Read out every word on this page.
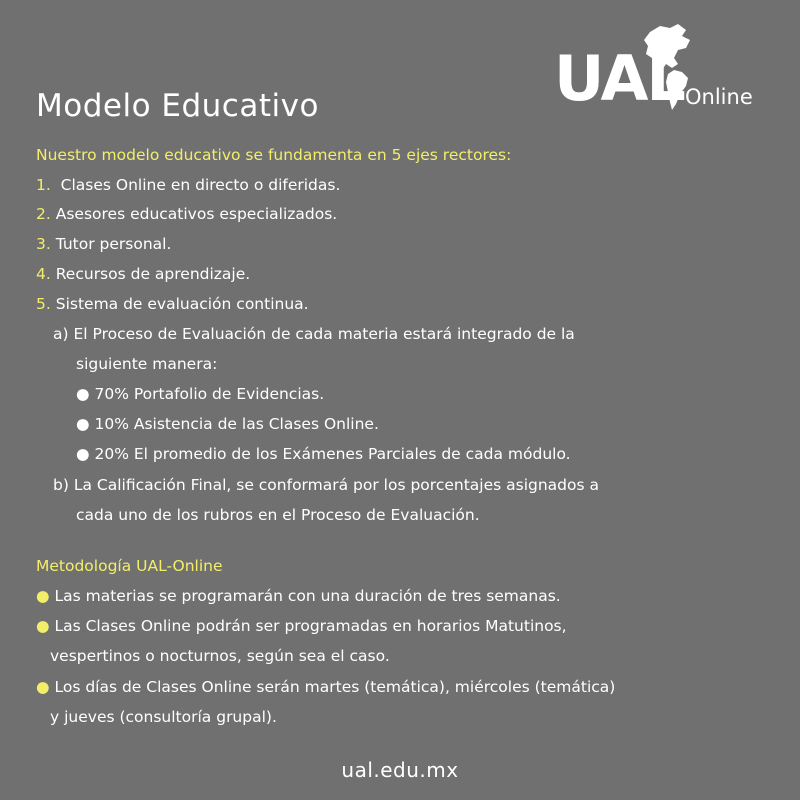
UAL Online
Modelo Educativo
Nuestro modelo educativo se fundamenta en 5 ejes rectores:
1. Clases Online en directo o diferidas.
2. Asesores educativos especializados.
3. Tutor personal.
4. Recursos de aprendizaje.
5. Sistema de evaluación continua.
a) El Proceso de Evaluación de cada materia estará integrado de la
siguiente manera:
● 70% Portafolio de Evidencias.
● 10% Asistencia de las Clases Online.
● 20% El promedio de los Exámenes Parciales de cada módulo.
b) La Calificación Final, se conformará por los porcentajes asignados a
cada uno de los rubros en el Proceso de Evaluación.
Metodología UAL-Online
● Las materias se programarán con una duración de tres semanas.
● Las Clases Online podrán ser programadas en horarios Matutinos,
vespertinos o nocturnos, según sea el caso.
● Los días de Clases Online serán martes (temática), miércoles (temática)
y jueves (consultoría grupal).
ual.edu.mx
